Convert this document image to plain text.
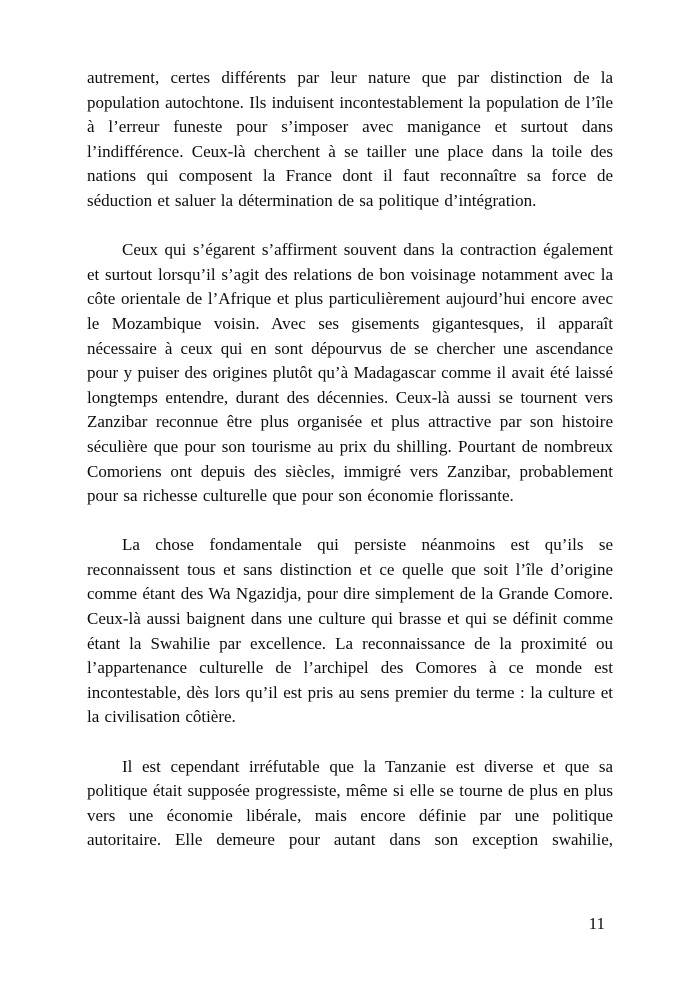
autrement, certes différents par leur nature que par distinction de la population autochtone. Ils induisent incontestablement la population de l’île à l’erreur funeste pour s’imposer avec manigance et surtout dans l’indifférence. Ceux-là cherchent à se tailler une place dans la toile des nations qui composent la France dont il faut reconnaître sa force de séduction et saluer la détermination de sa politique d’intégration.

Ceux qui s’égarent s’affirment souvent dans la contraction également et surtout lorsqu’il s’agit des relations de bon voisinage notamment avec la côte orientale de l’Afrique et plus particulièrement aujourd’hui encore avec le Mozambique voisin. Avec ses gisements gigantesques, il apparaît nécessaire à ceux qui en sont dépourvus de se chercher une ascendance pour y puiser des origines plutôt qu’à Madagascar comme il avait été laissé longtemps entendre, durant des décennies. Ceux-là aussi se tournent vers Zanzibar reconnue être plus organisée et plus attractive par son histoire séculière que pour son tourisme au prix du shilling. Pourtant de nombreux Comoriens ont depuis des siècles, immigré vers Zanzibar, probablement pour sa richesse culturelle que pour son économie florissante.

La chose fondamentale qui persiste néanmoins est qu’ils se reconnaissent tous et sans distinction et ce quelle que soit l’île d’origine comme étant des Wa Ngazidja, pour dire simplement de la Grande Comore. Ceux-là aussi baignent dans une culture qui brasse et qui se définit comme étant la Swahilie par excellence. La reconnaissance de la proximité ou l’appartenance culturelle de l’archipel des Comores à ce monde est incontestable, dès lors qu’il est pris au sens premier du terme : la culture et la civilisation côtière.

Il est cependant irréfutable que la Tanzanie est diverse et que sa politique était supposée progressiste, même si elle se tourne de plus en plus vers une économie libérale, mais encore définie par une politique autoritaire. Elle demeure pour autant dans son exception swahilie,

11
